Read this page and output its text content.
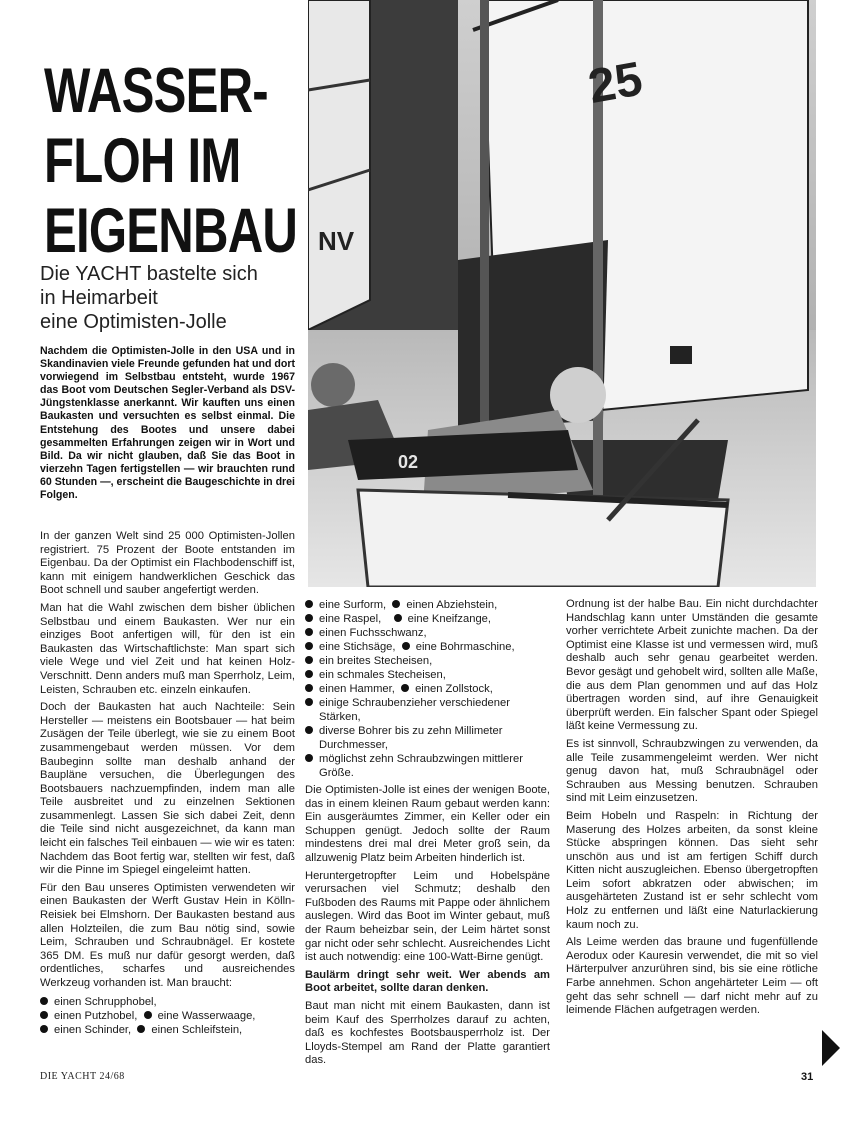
25
NV
02
WASSER-
FLOH IM
EIGENBAU
Die YACHT bastelte sich
in Heimarbeit
eine Optimisten-Jolle
Nachdem die Optimisten-Jolle in den USA und in Skandinavien viele Freunde gefunden hat und dort vorwiegend im Selbstbau entsteht, wurde 1967 das Boot vom Deutschen Segler-Verband als DSV-Jüngstenklasse anerkannt. Wir kauften uns einen Baukasten und versuchten es selbst einmal. Die Entstehung des Bootes und unsere dabei gesammelten Erfahrungen zeigen wir in Wort und Bild. Da wir nicht glauben, daß Sie das Boot in vierzehn Tagen fertigstellen — wir brauchten rund 60 Stunden —, erscheint die Baugeschichte in drei Folgen.

In der ganzen Welt sind 25 000 Optimisten-Jollen registriert. 75 Prozent der Boote entstanden im Eigenbau. Da der Optimist ein Flachbodenschiff ist, kann mit einigem handwerklichen Geschick das Boot schnell und sauber angefertigt werden.

Man hat die Wahl zwischen dem bisher üblichen Selbstbau und einem Baukasten. Wer nur ein einziges Boot anfertigen will, für den ist ein Baukasten das Wirtschaftlichste: Man spart sich viele Wege und viel Zeit und hat keinen Holz-Verschnitt. Denn anders muß man Sperrholz, Leim, Leisten, Schrauben etc. einzeln einkaufen.

Doch der Baukasten hat auch Nachteile: Sein Hersteller — meistens ein Bootsbauer — hat beim Zusägen der Teile überlegt, wie sie zu einem Boot zusammengebaut werden müssen. Vor dem Baubeginn sollte man deshalb anhand der Baupläne versuchen, die Überlegungen des Bootsbauers nachzuempfinden, indem man alle Teile ausbreitet und zu einzelnen Sektionen zusammenlegt. Lassen Sie sich dabei Zeit, denn die Teile sind nicht ausgezeichnet, da kann man leicht ein falsches Teil einbauen — wie wir es taten: Nachdem das Boot fertig war, stellten wir fest, daß wir die Pinne im Spiegel eingeleimt hatten.

Für den Bau unseres Optimisten verwendeten wir einen Baukasten der Werft Gustav Hein in Kölln-Reisiek bei Elmshorn. Der Baukasten bestand aus allen Holzteilen, die zum Bau nötig sind, sowie Leim, Schrauben und Schraubnägel. Er kostete 365 DM. Es muß nur dafür gesorgt werden, daß ordentliches, scharfes und ausreichendes Werkzeug vorhanden ist. Man braucht:

einen Schrupphobel,
einen Putzhobel, eine Wasserwaage,
einen Schinder, einen Schleifstein,
eine Surform, einen Abziehstein,
eine Raspel, eine Kneifzange,
einen Fuchsschwanz,
eine Stichsäge, eine Bohrmaschine,
ein breites Stecheisen,
ein schmales Stecheisen,
einen Hammer, einen Zollstock,
einige Schraubenzieher verschiedener
Stärken,
diverse Bohrer bis zu zehn Millimeter
Durchmesser,
möglichst zehn Schraubzwingen mittlerer
Größe.

Die Optimisten-Jolle ist eines der wenigen Boote, das in einem kleinen Raum gebaut werden kann: Ein ausgeräumtes Zimmer, ein Keller oder ein Schuppen genügt. Jedoch sollte der Raum mindestens drei mal drei Meter groß sein, da allzuwenig Platz beim Arbeiten hinderlich ist.

Heruntergetropfter Leim und Hobelspäne verursachen viel Schmutz; deshalb den Fußboden des Raums mit Pappe oder ähnlichem auslegen. Wird das Boot im Winter gebaut, muß der Raum beheizbar sein, der Leim härtet sonst gar nicht oder sehr schlecht. Ausreichendes Licht ist auch notwendig: eine 100-Watt-Birne genügt.

Baulärm dringt sehr weit. Wer abends am Boot arbeitet, sollte daran denken.

Baut man nicht mit einem Baukasten, dann ist beim Kauf des Sperrholzes darauf zu achten, daß es kochfestes Bootsbausperrholz ist. Der Lloyds-Stempel am Rand der Platte garantiert das.

Ordnung ist der halbe Bau. Ein nicht durchdachter Handschlag kann unter Umständen die gesamte vorher verrichtete Arbeit zunichte machen. Da der Optimist eine Klasse ist und vermessen wird, muß deshalb auch sehr genau gearbeitet werden. Bevor gesägt und gehobelt wird, sollten alle Maße, die aus dem Plan genommen und auf das Holz übertragen worden sind, auf ihre Genauigkeit überprüft werden. Ein falscher Spant oder Spiegel läßt keine Vermessung zu.

Es ist sinnvoll, Schraubzwingen zu verwenden, da alle Teile zusammengeleimt werden. Wer nicht genug davon hat, muß Schraubnägel oder Schrauben aus Messing benutzen. Schrauben sind mit Leim einzusetzen.

Beim Hobeln und Raspeln: in Richtung der Maserung des Holzes arbeiten, da sonst kleine Stücke abspringen können. Das sieht sehr unschön aus und ist am fertigen Schiff durch Kitten nicht auszugleichen. Ebenso übergetropften Leim sofort abkratzen oder abwischen; im ausgehärteten Zustand ist er sehr schlecht vom Holz zu entfernen und läßt eine Naturlackierung kaum noch zu.

Als Leime werden das braune und fugenfüllende Aerodux oder Kauresin verwendet, die mit so viel Härterpulver anzurühren sind, bis sie eine rötliche Farbe annehmen. Schon angehärteter Leim — oft geht das sehr schnell — darf nicht mehr auf zu leimende Flächen aufgetragen werden.

DIE YACHT 24/68	31
